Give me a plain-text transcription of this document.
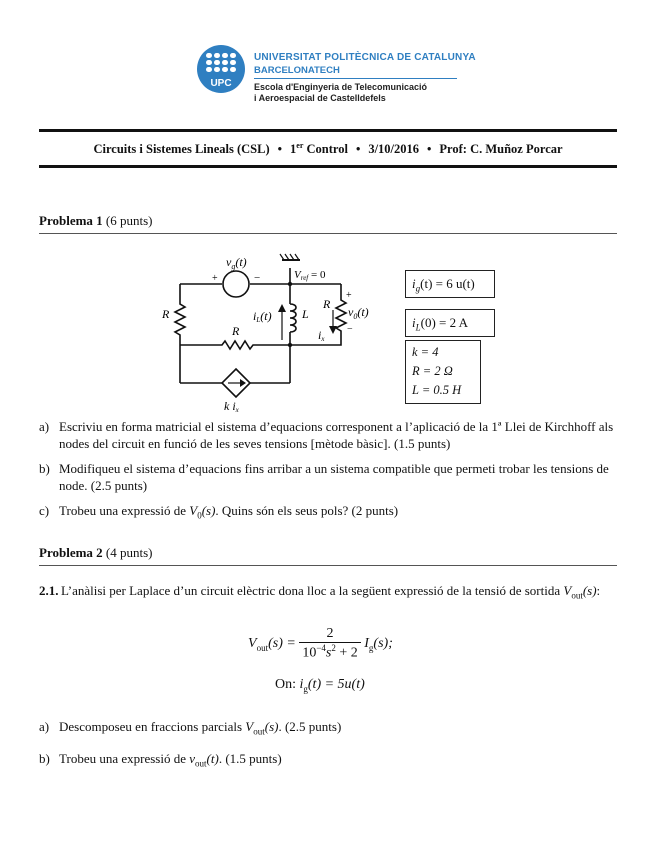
UPC
UNIVERSITAT POLITÈCNICA DE CATALUNYA
BARCELONATECH
Escola d'Enginyeria de Telecomunicació
i Aeroespacial de Castelldefels
Circuits i Sistemes Lineals (CSL) • 1er Control • 3/10/2016 • Prof: C. Muñoz Porcar
Problema 1 (6 punts)
$v_g(t)$
+	−	Vref = 0
R
R
R
L
iL(t)
+
$v_0(t)$
−
ix
k ix
$i_g(t) = 6$ u(t)
$i_L(0) = 2$ A
k = 4
R = 2 Ω
L = 0.5 H
a) Escriviu en forma matricial el sistema d’equacions corresponent a l’aplicació de la 1ª Llei de Kirchhoff als nodes del circuit en funció de les seves tensions [mètode bàsic]. (1.5 punts)
b) Modifiqueu el sistema d’equacions fins arribar a un sistema compatible que permeti trobar les tensions de node. (2.5 punts)
c) Trobeu una expressió de $V_0(s)$. Quins són els seus pols? (2 punts)
Problema 2 (4 punts)
2.1. L’anàlisi per Laplace d’un circuit elèctric dona lloc a la següent expressió de la tensió de sortida $V_{out}(s)$:
$V_{out}(s) = \frac{2}{10^{-4}s^2 + 2} I_g(s)$;
On: $i_g(t) = 5u(t)$
a) Descomposeu en fraccions parcials $V_{out}(s)$. (2.5 punts)
b) Trobeu una expressió de $v_{out}(t)$. (1.5 punts)
